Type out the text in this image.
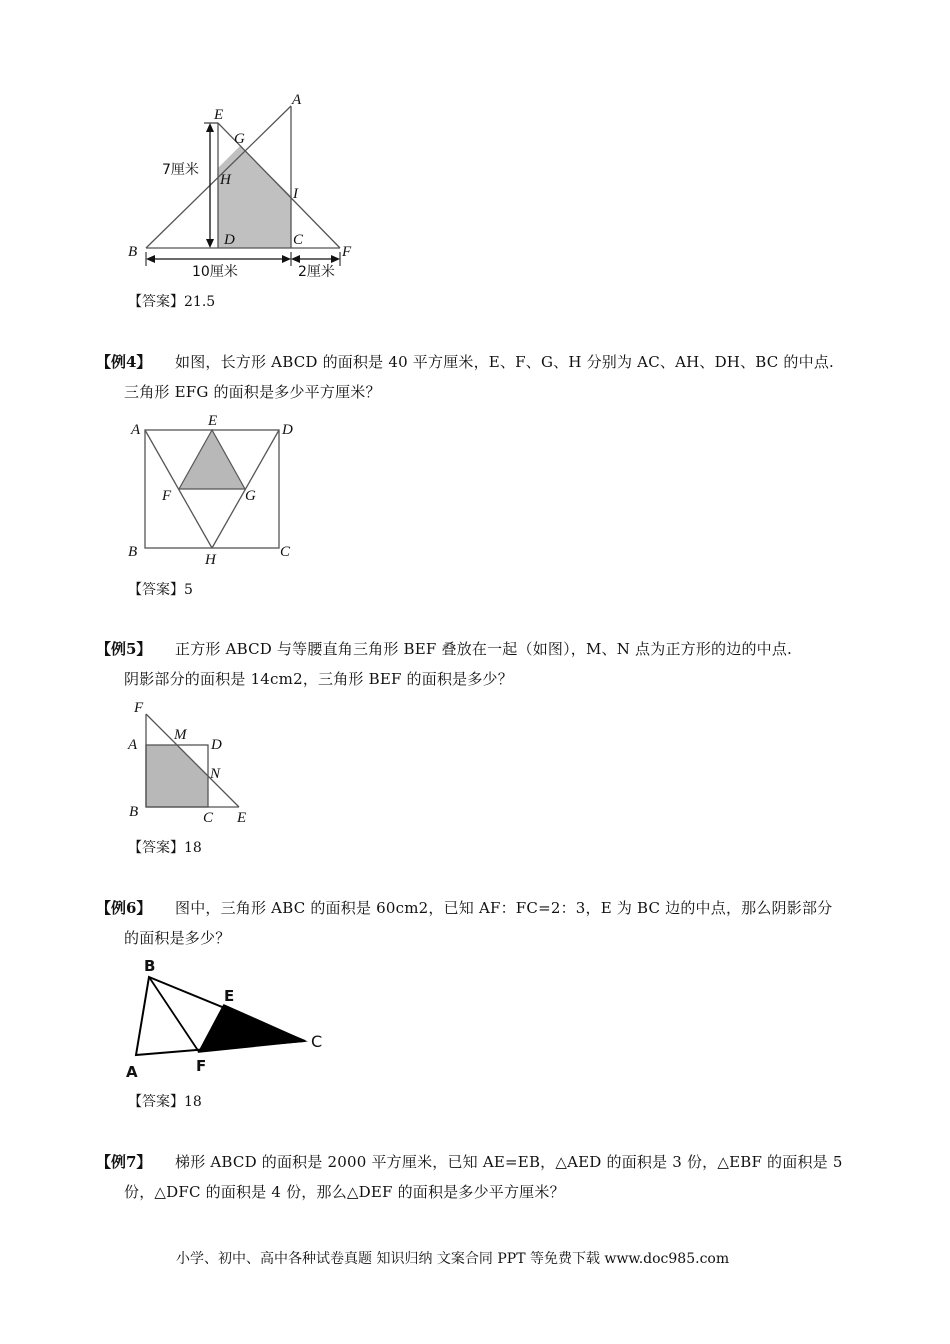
E
A
G
H
I
B
D	C
F
7厘米
10厘米	2厘米
【答案】21.5
【例4】 如图，长方形 ABCD 的面积是 40 平方厘米，E、F、G、H 分别为 AC、AH、DH、BC 的中点.
三角形 EFG 的面积是多少平方厘米？
A
E
D
F	G
B	H	C
【答案】5
【例5】 正方形 ABCD 与等腰直角三角形 BEF 叠放在一起（如图），M、N 点为正方形的边的中点.
阴影部分的面积是 14cm2，三角形 BEF 的面积是多少？
F
M
A	D
N
B	C E
【答案】18
【例6】 图中，三角形 ABC 的面积是 60cm2，已知 AF：FC=2：3，E 为 BC 边的中点，那么阴影部分
的面积是多少？
B
E
C
A	F
【答案】18
【例7】 梯形 ABCD 的面积是 2000 平方厘米，已知 AE=EB，△AED 的面积是 3 份，△EBF 的面积是 5
份，△DFC 的面积是 4 份，那么△DEF 的面积是多少平方厘米？
小学、初中、高中各种试卷真题 知识归纳 文案合同 PPT 等免费下载 www.doc985.com
